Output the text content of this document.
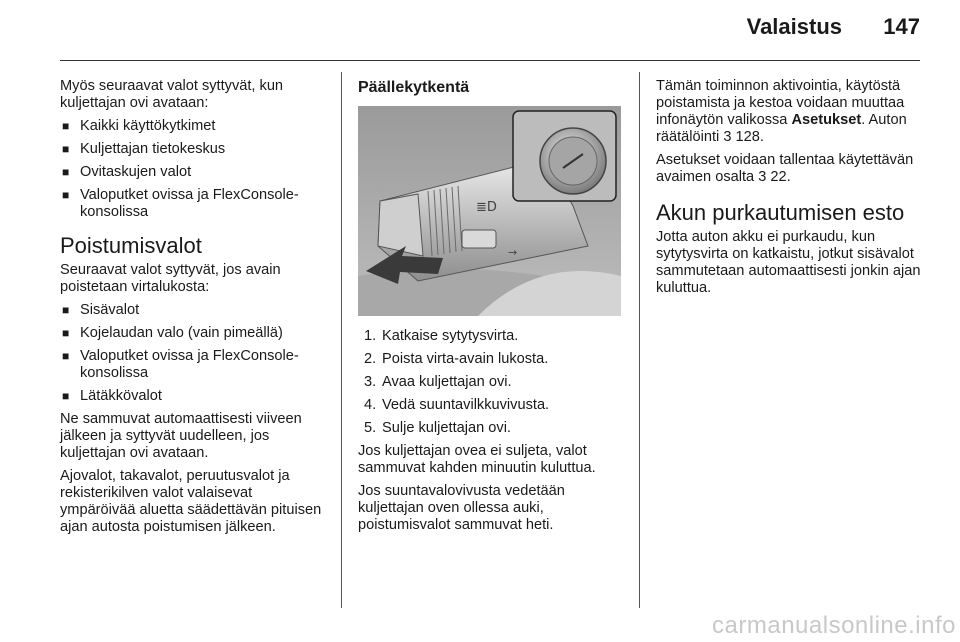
Valaistus 147

Myös seuraavat valot syttyvät, kun kuljettajan ovi avataan:

■ Kaikki käyttökytkimet
■ Kuljettajan tietokeskus
■ Ovitaskujen valot
■ Valoputket ovissa ja FlexConsole-konsolissa
Poistumisvalot

Seuraavat valot syttyvät, jos avain poistetaan virtalukosta:

■ Sisävalot
■ Kojelaudan valo (vain pimeällä)
■ Valoputket ovissa ja FlexConsole-konsolissa
■ Lätäkkövalot

Ne sammuvat automaattisesti viiveen jälkeen ja syttyvät uudelleen, jos kuljettajan ovi avataan.

Ajovalot, takavalot, peruutusvalot ja rekisterikilven valot valaisevat ympäröivää aluetta säädettävän pituisen ajan autosta poistumisen jälkeen.

Päällekytkentä
≣D
→
1. Katkaise sytytysvirta.
2. Poista virta-avain lukosta.
3. Avaa kuljettajan ovi.
4. Vedä suuntavilkkuvivusta.
5. Sulje kuljettajan ovi.

Jos kuljettajan ovea ei suljeta, valot sammuvat kahden minuutin kuluttua.

Jos suuntavalovivusta vedetään kuljettajan oven ollessa auki, poistumisvalot sammuvat heti.

Tämän toiminnon aktivointia, käytöstä poistamista ja kestoa voidaan muuttaa infonäytön valikossa Asetukset. Auton räätälöinti 3 128.

Asetukset voidaan tallentaa käytettävän avaimen osalta 3 22.

Akun purkautumisen esto

Jotta auton akku ei purkaudu, kun sytytysvirta on katkaistu, jotkut sisävalot sammutetaan automaattisesti jonkin ajan kuluttua.

carmanualsonline.info
